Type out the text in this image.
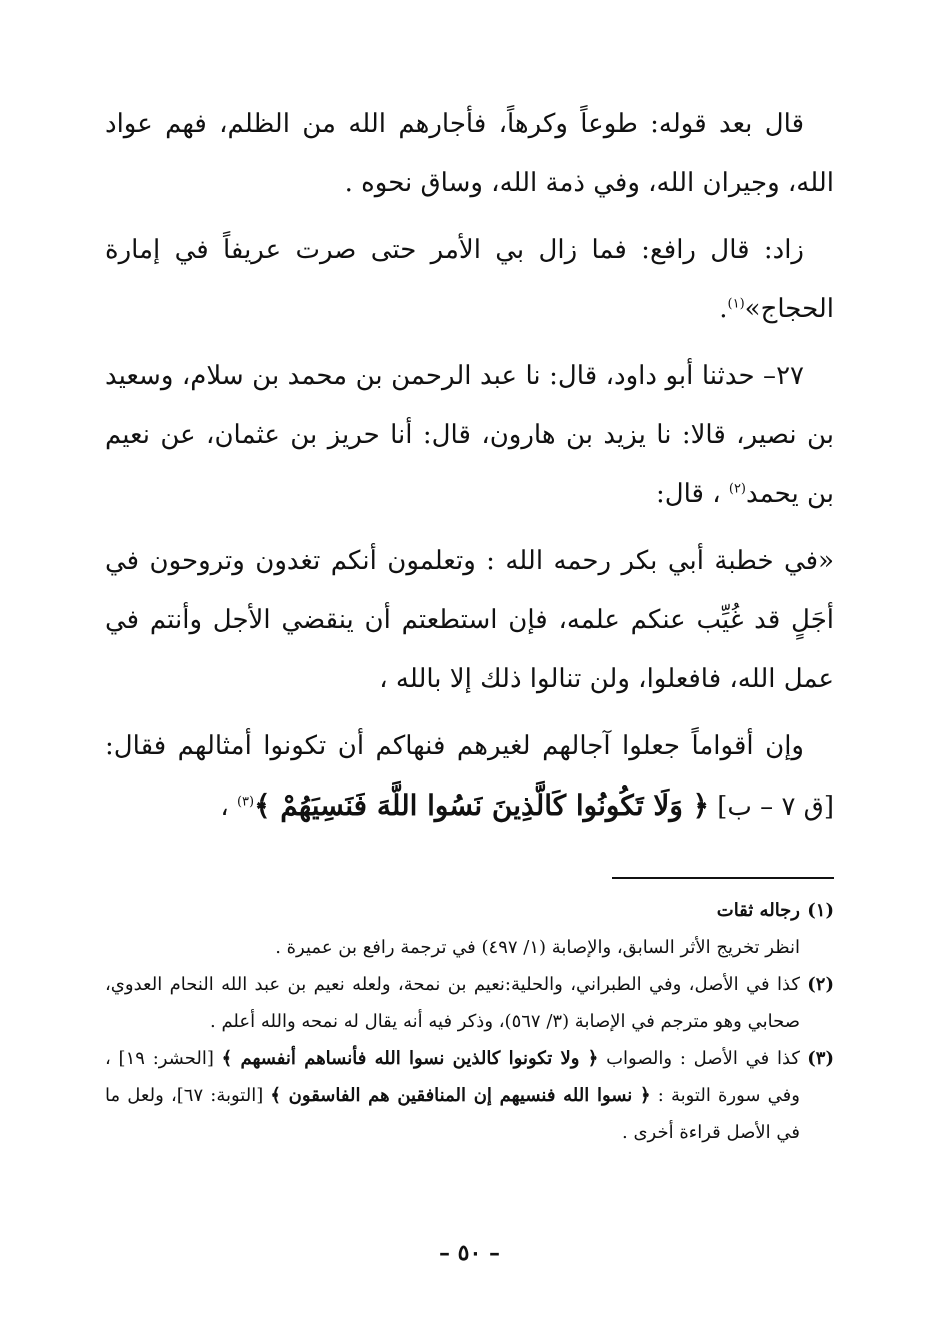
قال بعد قوله: طوعاً وكرهاً، فأجارهم الله من الظلم، فهم عواد الله، وجيران الله، وفي ذمة الله، وساق نحوه .

زاد: قال رافع: فما زال بي الأمر حتى صرت عريفاً في إمارة الحجاج»$^{(١)}$.

٢٧– حدثنا أبو داود، قال: نا عبد الرحمن بن محمد بن سلام، وسعيد بن نصير، قالا: نا يزيد بن هارون، قال: أنا حريز بن عثمان، عن نعيم بن يحمد$^{(٢)}$ ، قال:

«في خطبة أبي بكر رحمه الله : وتعلمون أنكم تغدون وتروحون في أجَلٍ قد غُيِّب عنكم علمه، فإن استطعتم أن ينقضي الأجل وأنتم في عمل الله، فافعلوا، ولن تنالوا ذلك إلا بالله ،

وإن أقواماً جعلوا آجالهم لغيرهم فنهاكم أن تكونوا أمثالهم فقال: [ق ٧ – ب] ﴿ وَلَا تَكُونُوا كَالَّذِينَ نَسُوا اللَّهَ فَنَسِيَهُمْ ﴾$^{(٣)}$ ،

(١)
رجاله ثقات
انظر تخريج الأثر السابق، والإصابة (١/ ٤٩٧) في ترجمة رافع بن عميرة .
(٢)
كذا في الأصل، وفي الطبراني، والحلية:نعيم بن نمحة، ولعله نعيم بن عبد الله النحام العدوي، صحابي وهو مترجم في الإصابة (٣/ ٥٦٧)، وذكر فيه أنه يقال له نمحه والله أعلم .
(٣)
كذا في الأصل : والصواب ﴿ ولا تكونوا كالذين نسوا الله فأنساهم أنفسهم ﴾ [الحشر: ١٩] ، وفي سورة التوبة : ﴿ نسوا الله فنسيهم إن المنافقين هم الفاسقون ﴾ [التوبة: ٦٧]، ولعل ما في الأصل قراءة أخرى .
– ٥٠ –
